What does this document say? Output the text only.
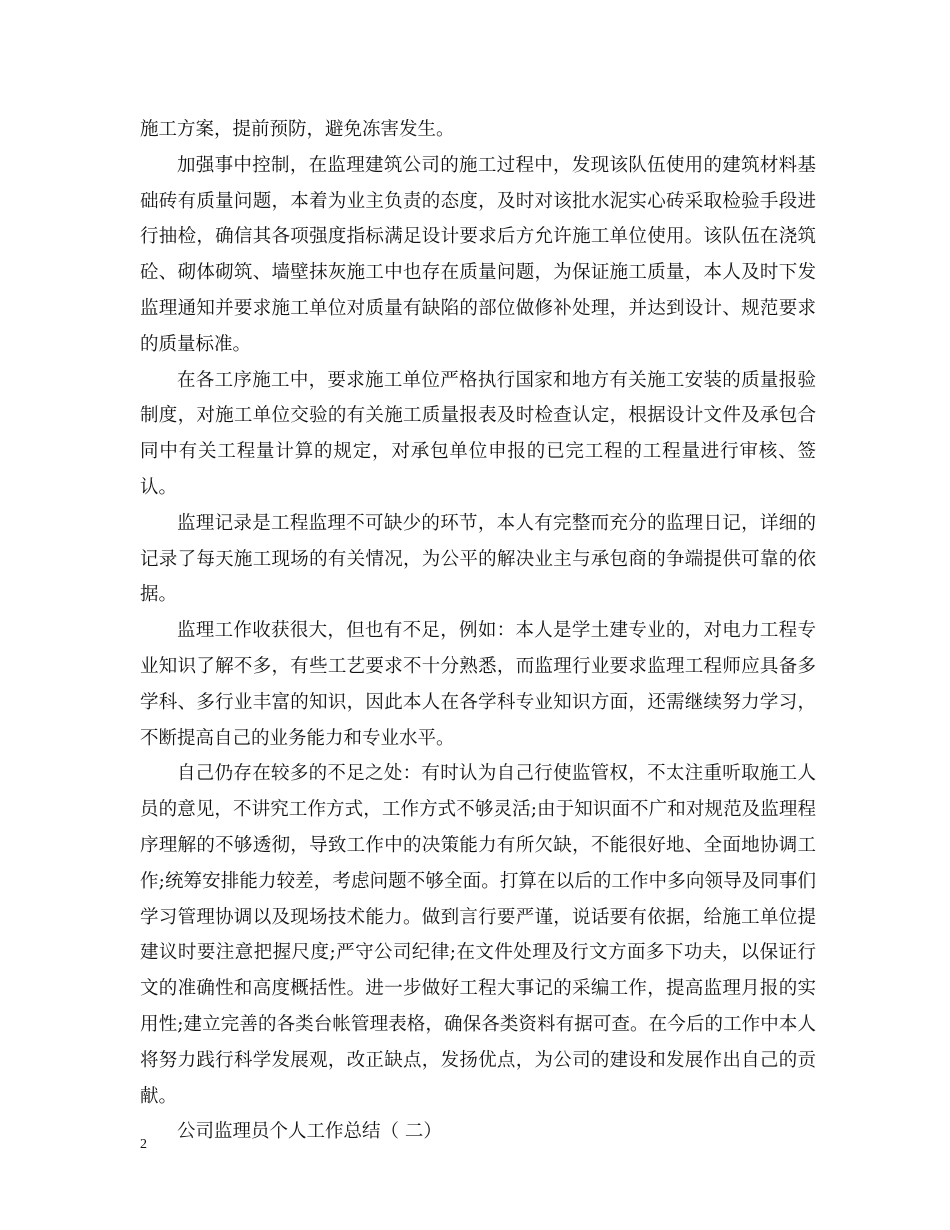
施工方案，提前预防，避免冻害发生。

加强事中控制，在监理建筑公司的施工过程中，发现该队伍使用的建筑材料基础砖有质量问题，本着为业主负责的态度，及时对该批水泥实心砖采取检验手段进行抽检，确信其各项强度指标满足设计要求后方允许施工单位使用。该队伍在浇筑砼、砌体砌筑、墙壁抹灰施工中也存在质量问题，为保证施工质量，本人及时下发监理通知并要求施工单位对质量有缺陷的部位做修补处理，并达到设计、规范要求的质量标准。

在各工序施工中，要求施工单位严格执行国家和地方有关施工安装的质量报验制度，对施工单位交验的有关施工质量报表及时检查认定，根据设计文件及承包合同中有关工程量计算的规定，对承包单位申报的已完工程的工程量进行审核、签认。

监理记录是工程监理不可缺少的环节，本人有完整而充分的监理日记，详细的记录了每天施工现场的有关情况，为公平的解决业主与承包商的争端提供可靠的依据。

监理工作收获很大，但也有不足，例如：本人是学土建专业的，对电力工程专业知识了解不多，有些工艺要求不十分熟悉，而监理行业要求监理工程师应具备多学科、多行业丰富的知识，因此本人在各学科专业知识方面，还需继续努力学习，不断提高自己的业务能力和专业水平。

自己仍存在较多的不足之处：有时认为自己行使监管权，不太注重听取施工人员的意见，不讲究工作方式，工作方式不够灵活;由于知识面不广和对规范及监理程序理解的不够透彻，导致工作中的决策能力有所欠缺，不能很好地、全面地协调工作;统筹安排能力较差，考虑问题不够全面。打算在以后的工作中多向领导及同事们学习管理协调以及现场技术能力。做到言行要严谨，说话要有依据，给施工单位提建议时要注意把握尺度;严守公司纪律;在文件处理及行文方面多下功夫，以保证行文的准确性和高度概括性。进一步做好工程大事记的采编工作，提高监理月报的实用性;建立完善的各类台帐管理表格，确保各类资料有据可查。在今后的工作中本人将努力践行科学发展观，改正缺点，发扬优点，为公司的建设和发展作出自己的贡献。

公司监理员个人工作总结（ 二）

2
